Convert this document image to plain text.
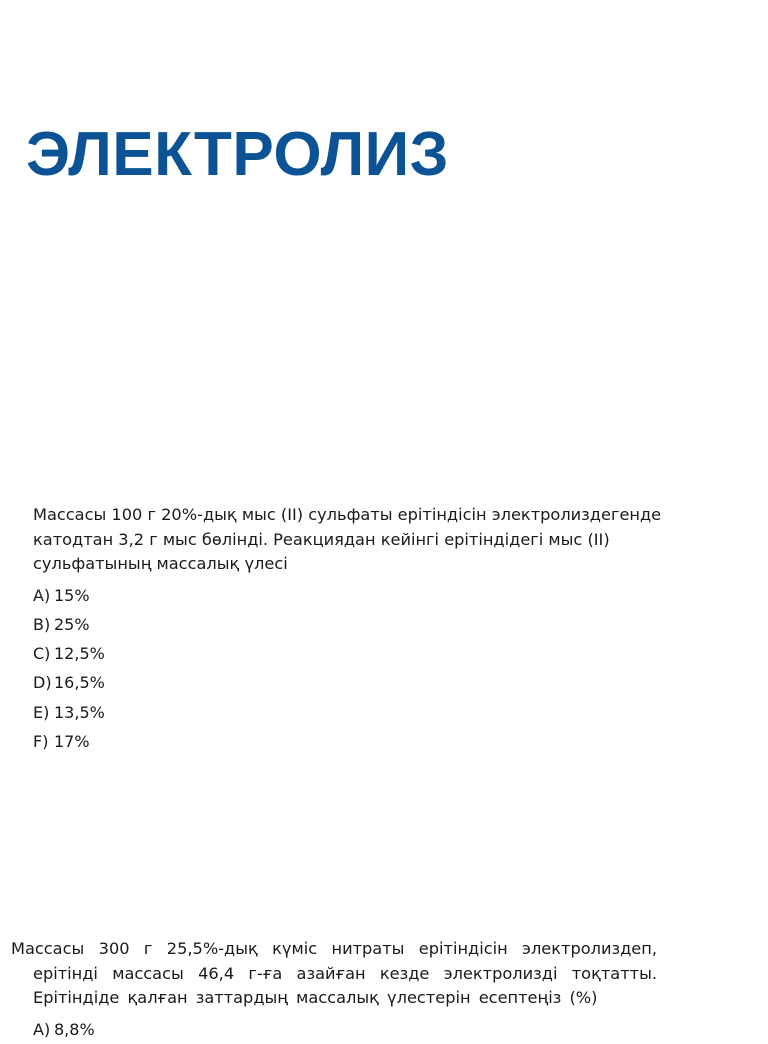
ЭЛЕКТРОЛИЗ

Массасы 100 г 20%-дық мыс (II) сульфаты ерітіндісін электролиздегенде катодтан 3,2 г мыс бөлінді. Реакциядан кейінгі ерітіндідегі мыс (II) сульфатының массалық үлесі

А) 15%
В) 25%
С) 12,5%
D) 16,5%
Е) 13,5%
F) 17%

Массасы 300 г 25,5%-дық күміс нитраты ерітіндісін электролиздеп, ерітінді массасы 46,4 г-ға азайған кезде электролизді тоқтатты. Ерітіндіде қалған заттардың массалық үлестерін есептеңіз (%)

А) 8,8%
